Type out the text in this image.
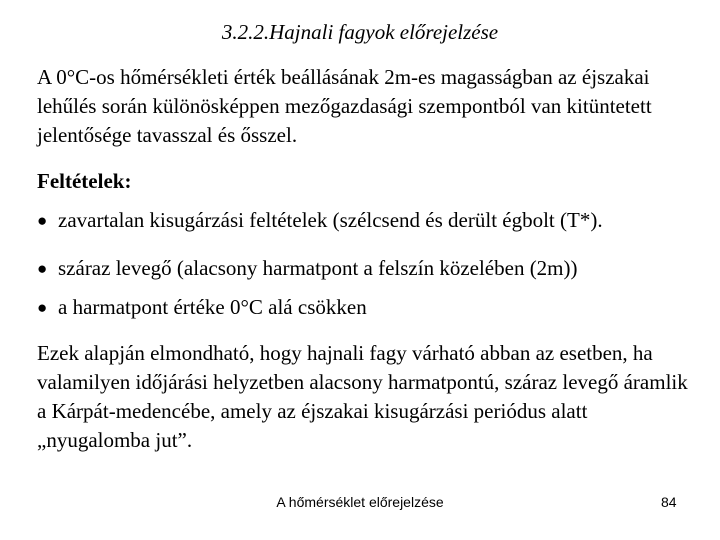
3.2.2.Hajnali fagyok előrejelzése

A 0°C-os hőmérsékleti érték beállásának 2m-es magasságban az éjszakai lehűlés során különösképpen mezőgazdasági szempontból van kitüntetett jelentősége tavasszal és ősszel.

Feltételek:

● zavartalan kisugárzási feltételek (szélcsend és derült égbolt (T*).

● száraz levegő (alacsony harmatpont a felszín közelében (2m))

● a harmatpont értéke 0°C alá csökken

Ezek alapján elmondható, hogy hajnali fagy várható abban az esetben, ha valamilyen időjárási helyzetben alacsony harmatpontú, száraz levegő áramlik a Kárpát-medencébe, amely az éjszakai kisugárzási periódus alatt „nyugalomba jut”.

A hőmérséklet előrejelzése	84
